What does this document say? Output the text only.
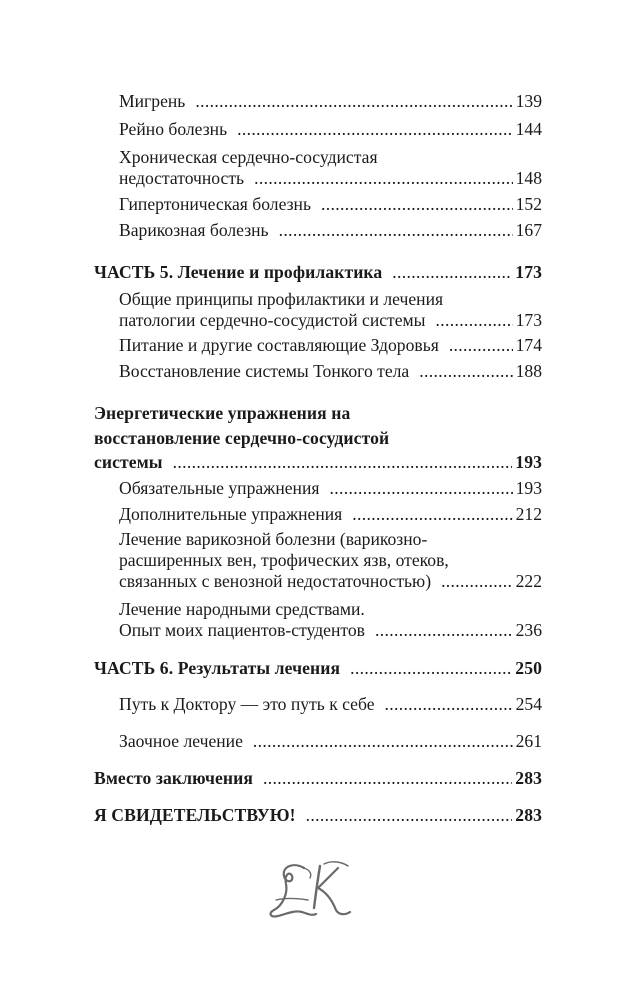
Мигрень .....	139
Рейно болезнь .....	144
Хроническая сердечно-сосудистая
недостаточность .....	148
Гипертоническая болезнь .....	152
Варикозная болезнь .....	167
ЧАСТЬ 5. Лечение и профилактика .....	173
Общие принципы профилактики и лечения
патологии сердечно-сосудистой системы .....	173
Питание и другие составляющие Здоровья .....	174
Восстановление системы Тонкого тела .....	188
Энергетические упражнения на
восстановление сердечно-сосудистой
системы .....	193
Обязательные упражнения .....	193
Дополнительные упражнения .....	212
Лечение варикозной болезни (варикозно-
расширенных вен, трофических язв, отеков,
связанных с венозной недостаточностью) .....	222
Лечение народными средствами.
Опыт моих пациентов-студентов .....	236
ЧАСТЬ 6. Результаты лечения .....	250
Путь к Доктору — это путь к себе .....	254
Заочное лечение .....	261
Вместо заключения .....	283
Я СВИДЕТЕЛЬСТВУЮ! .....	283
